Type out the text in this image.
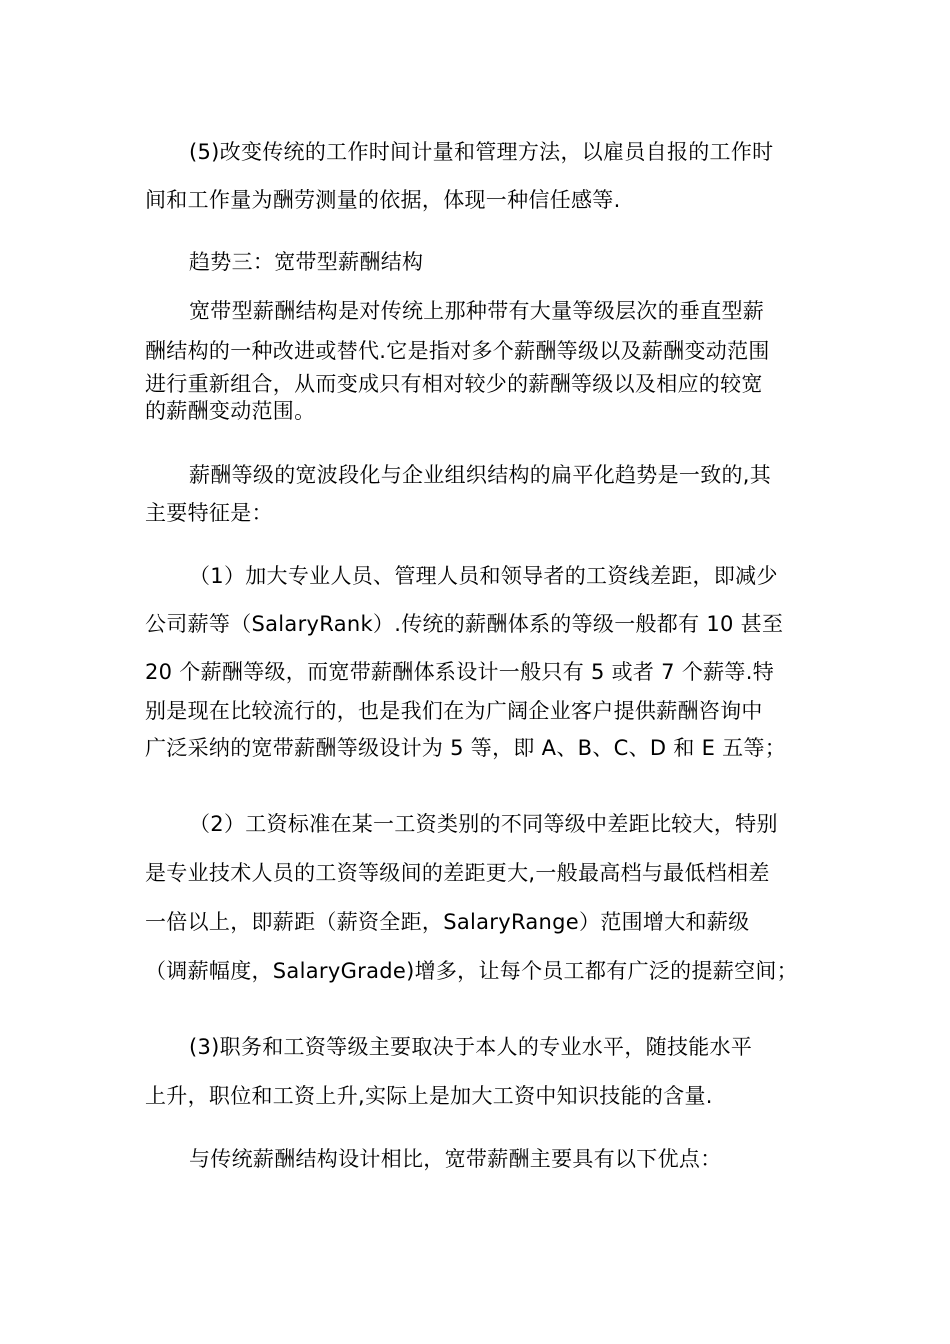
(5)改变传统的工作时间计量和管理方法，以雇员自报的工作时
间和工作量为酬劳测量的依据，体现一种信任感等.
趋势三：宽带型薪酬结构
宽带型薪酬结构是对传统上那种带有大量等级层次的垂直型薪
酬结构的一种改进或替代.它是指对多个薪酬等级以及薪酬变动范围
进行重新组合，从而变成只有相对较少的薪酬等级以及相应的较宽
的薪酬变动范围。
薪酬等级的宽波段化与企业组织结构的扁平化趋势是一致的,其
主要特征是：
（1）加大专业人员、管理人员和领导者的工资线差距，即减少
公司薪等（SalaryRank）.传统的薪酬体系的等级一般都有 10 甚至
20 个薪酬等级，而宽带薪酬体系设计一般只有 5 或者 7 个薪等.特
别是现在比较流行的，也是我们在为广阔企业客户提供薪酬咨询中
广泛采纳的宽带薪酬等级设计为 5 等，即 A、B、C、D 和 E 五等；
（2）工资标准在某一工资类别的不同等级中差距比较大，特别
是专业技术人员的工资等级间的差距更大,一般最高档与最低档相差
一倍以上，即薪距（薪资全距，SalaryRange）范围增大和薪级
（调薪幅度，SalaryGrade)增多，让每个员工都有广泛的提薪空间；
(3)职务和工资等级主要取决于本人的专业水平，随技能水平
上升，职位和工资上升,实际上是加大工资中知识技能的含量.
与传统薪酬结构设计相比，宽带薪酬主要具有以下优点：
